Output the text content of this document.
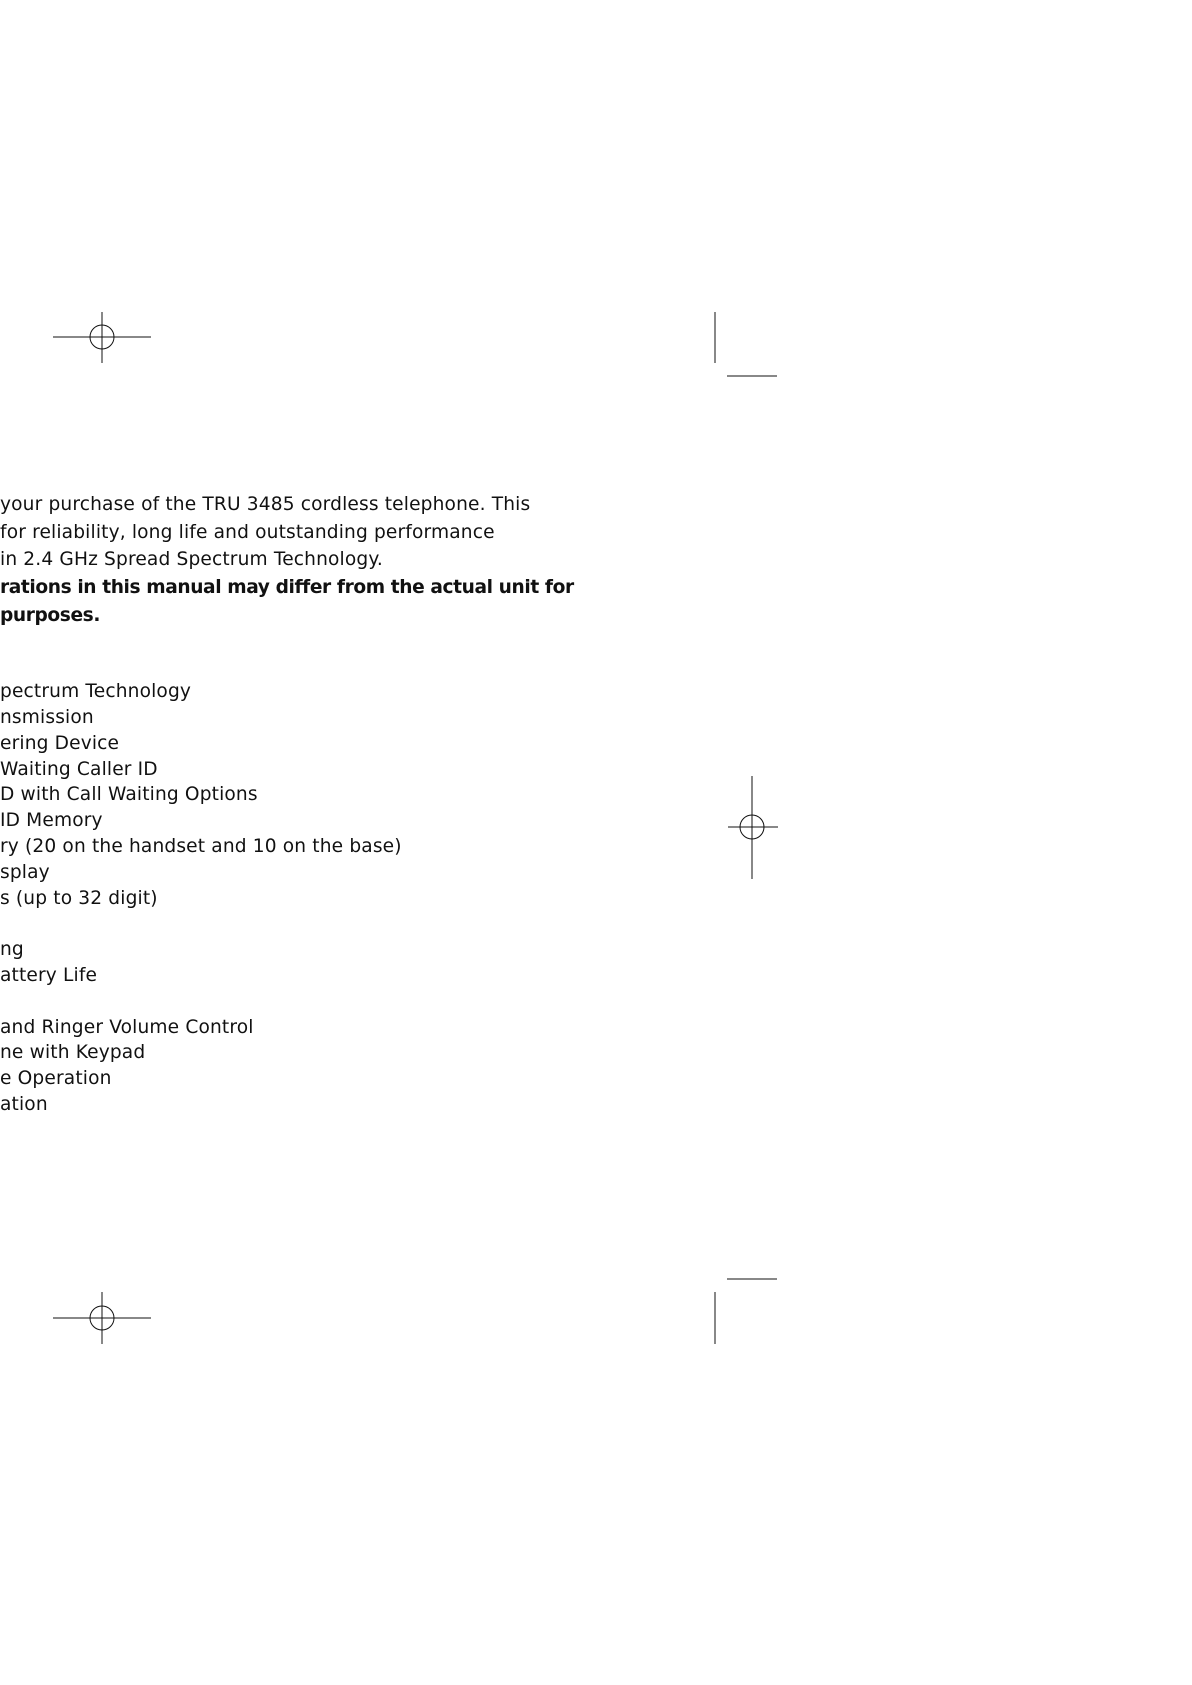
your purchase of the TRU 3485 cordless telephone. This
for reliability, long life and outstanding performance
in 2.4 GHz Spread Spectrum Technology.
rations in this manual may differ from the actual unit for
purposes.
pectrum Technology
nsmission
ering Device
Waiting Caller ID
D with Call Waiting Options
ID Memory
ry (20 on the handset and 10 on the base)
splay
s (up to 32 digit)
ng
attery Life
and Ringer Volume Control
ne with Keypad
e Operation
ation
